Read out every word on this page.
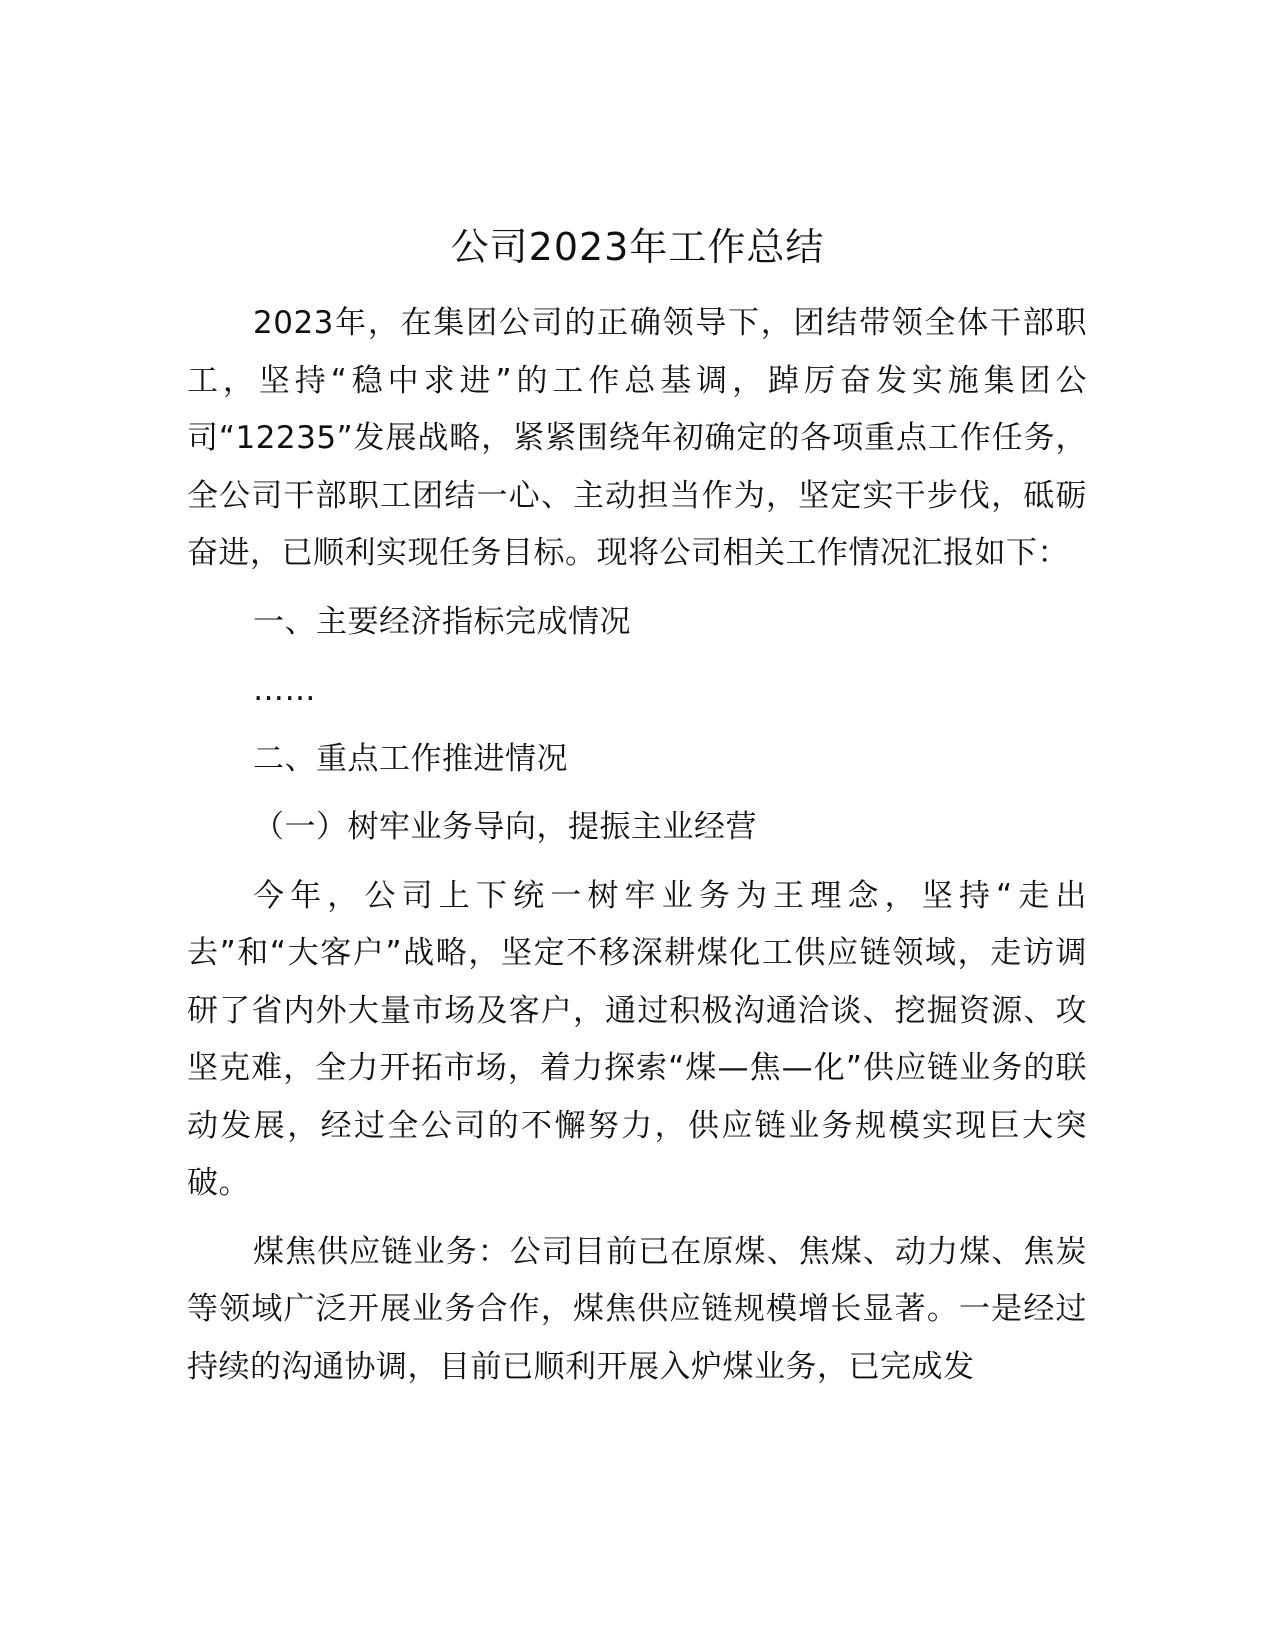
公司2023年工作总结

2023年，在集团公司的正确领导下，团结带领全体干部职工，坚持“稳中求进”的工作总基调，踔厉奋发实施集团公司“12235”发展战略，紧紧围绕年初确定的各项重点工作任务，全公司干部职工团结一心、主动担当作为，坚定实干步伐，砥砺奋进，已顺利实现任务目标。现将公司相关工作情况汇报如下：

一、主要经济指标完成情况

……

二、重点工作推进情况

（一）树牢业务导向，提振主业经营

今年，公司上下统一树牢业务为王理念，坚持“走出去”和“大客户”战略，坚定不移深耕煤化工供应链领域，走访调研了省内外大量市场及客户，通过积极沟通洽谈、挖掘资源、攻坚克难，全力开拓市场，着力探索“煤—焦—化”供应链业务的联动发展，经过全公司的不懈努力，供应链业务规模实现巨大突破。

煤焦供应链业务：公司目前已在原煤、焦煤、动力煤、焦炭等领域广泛开展业务合作，煤焦供应链规模增长显著。一是经过持续的沟通协调，目前已顺利开展入炉煤业务，已完成发
